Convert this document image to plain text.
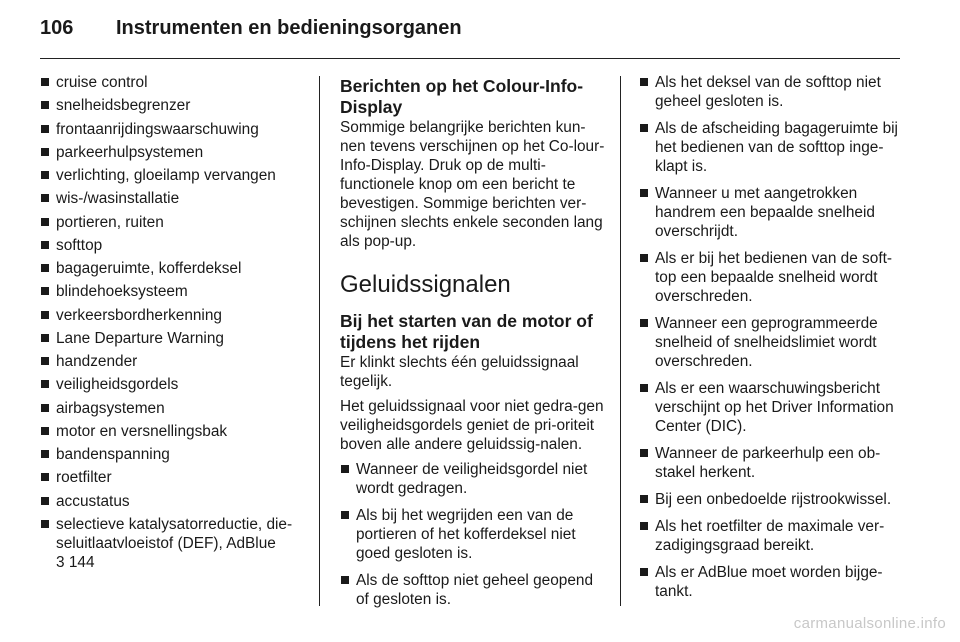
106 Instrumenten en bedieningsorganen
cruise control
snelheidsbegrenzer
frontaanrijdingswaarschuwing
parkeerhulpsystemen
verlichting, gloeilamp vervangen
wis-/wasinstallatie
portieren, ruiten
softtop
bagageruimte, kofferdeksel
blindehoeksysteem
verkeersbordherkenning
Lane Departure Warning
handzender
veiligheidsgordels
airbagsystemen
motor en versnellingsbak
bandenspanning
roetfilter
accustatus
selectieve katalysatorreductie, die-seluitlaatvloeistof (DEF), AdBlue
3 144
Berichten op het Colour-Info-Display

Sommige belangrijke berichten kun-nen tevens verschijnen op het Co-lour-Info-Display. Druk op de multi-functionele knop om een bericht te bevestigen. Sommige berichten ver-schijnen slechts enkele seconden lang als pop-up.

Geluidssignalen
Bij het starten van de motor of tijdens het rijden

Er klinkt slechts één geluidssignaal tegelijk.

Het geluidssignaal voor niet gedra-gen veiligheidsgordels geniet de pri-oriteit boven alle andere geluidssig-nalen.

Wanneer de veiligheidsgordel niet wordt gedragen.
Als bij het wegrijden een van de portieren of het kofferdeksel niet goed gesloten is.
Als de softtop niet geheel geopend of gesloten is.
Als het deksel van de softtop niet geheel gesloten is.
Als de afscheiding bagageruimte bij het bedienen van de softtop inge-klapt is.
Wanneer u met aangetrokken handrem een bepaalde snelheid overschrijdt.
Als er bij het bedienen van de soft-top een bepaalde snelheid wordt overschreden.
Wanneer een geprogrammeerde snelheid of snelheidslimiet wordt overschreden.
Als er een waarschuwingsbericht verschijnt op het Driver Information Center (DIC).
Wanneer de parkeerhulp een ob-stakel herkent.
Bij een onbedoelde rijstrookwissel.
Als het roetfilter de maximale ver-zadigingsgraad bereikt.
Als er AdBlue moet worden bijge-tankt.
carmanualsonline.info
